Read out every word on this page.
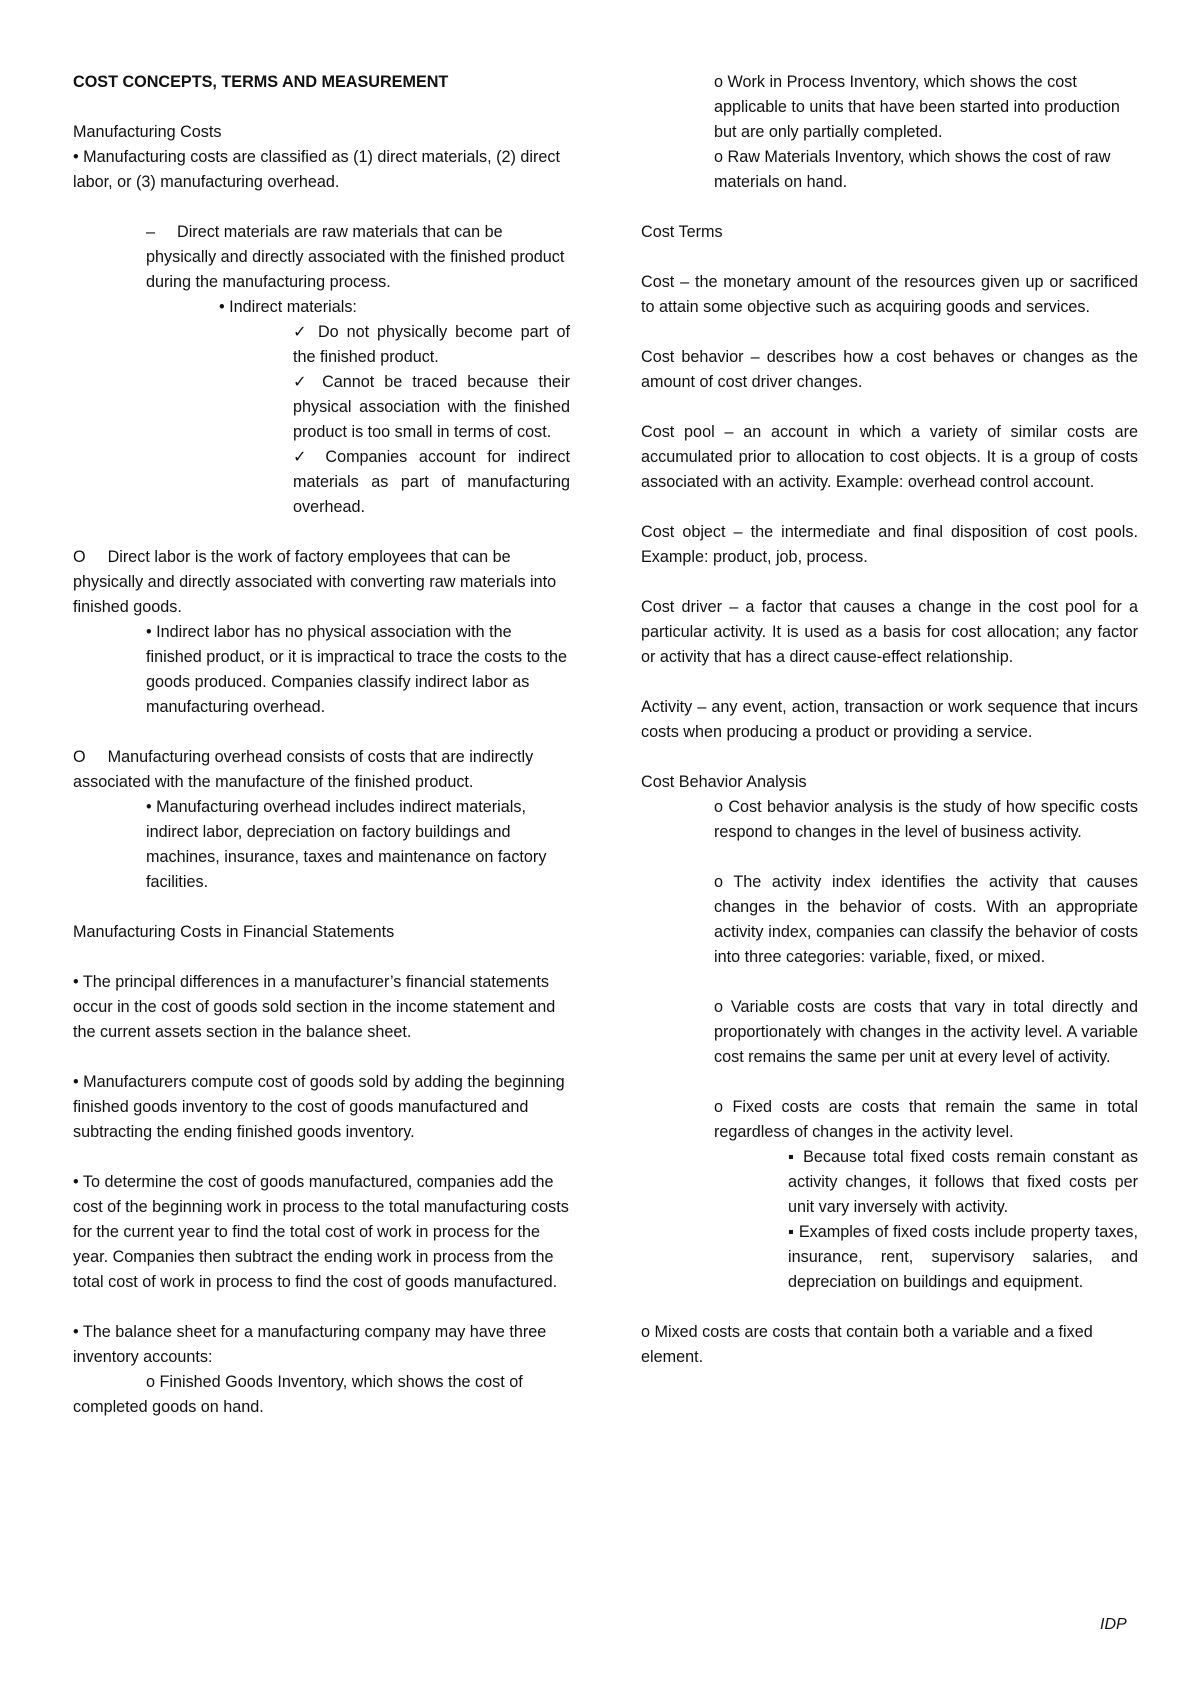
COST CONCEPTS, TERMS AND MEASUREMENT
Manufacturing Costs
• Manufacturing costs are classified as (1) direct materials, (2) direct labor, or (3) manufacturing overhead.
– Direct materials are raw materials that can be physically and directly associated with the finished product during the manufacturing process.
• Indirect materials:
✓ Do not physically become part of the finished product.
✓ Cannot be traced because their physical association with the finished product is too small in terms of cost.
✓ Companies account for indirect materials as part of manufacturing overhead.
O Direct labor is the work of factory employees that can be physically and directly associated with converting raw materials into finished goods.
• Indirect labor has no physical association with the finished product, or it is impractical to trace the costs to the goods produced. Companies classify indirect labor as manufacturing overhead.
O Manufacturing overhead consists of costs that are indirectly associated with the manufacture of the finished product.
• Manufacturing overhead includes indirect materials, indirect labor, depreciation on factory buildings and machines, insurance, taxes and maintenance on factory facilities.
Manufacturing Costs in Financial Statements
• The principal differences in a manufacturer’s financial statements occur in the cost of goods sold section in the income statement and the current assets section in the balance sheet.
• Manufacturers compute cost of goods sold by adding the beginning finished goods inventory to the cost of goods manufactured and subtracting the ending finished goods inventory.
• To determine the cost of goods manufactured, companies add the cost of the beginning work in process to the total manufacturing costs for the current year to find the total cost of work in process for the year. Companies then subtract the ending work in process from the total cost of work in process to find the cost of goods manufactured.
• The balance sheet for a manufacturing company may have three inventory accounts:
o Finished Goods Inventory, which shows the cost of completed goods on hand.
o Work in Process Inventory, which shows the cost applicable to units that have been started into production but are only partially completed.
o Raw Materials Inventory, which shows the cost of raw materials on hand.
Cost Terms
Cost – the monetary amount of the resources given up or sacrificed to attain some objective such as acquiring goods and services.
Cost behavior – describes how a cost behaves or changes as the amount of cost driver changes.
Cost pool – an account in which a variety of similar costs are accumulated prior to allocation to cost objects. It is a group of costs associated with an activity. Example: overhead control account.
Cost object – the intermediate and final disposition of cost pools. Example: product, job, process.
Cost driver – a factor that causes a change in the cost pool for a particular activity. It is used as a basis for cost allocation; any factor or activity that has a direct cause-effect relationship.
Activity – any event, action, transaction or work sequence that incurs costs when producing a product or providing a service.
Cost Behavior Analysis
o Cost behavior analysis is the study of how specific costs respond to changes in the level of business activity.
o The activity index identifies the activity that causes changes in the behavior of costs. With an appropriate activity index, companies can classify the behavior of costs into three categories: variable, fixed, or mixed.
o Variable costs are costs that vary in total directly and proportionately with changes in the activity level. A variable cost remains the same per unit at every level of activity.
o Fixed costs are costs that remain the same in total regardless of changes in the activity level.
▪ Because total fixed costs remain constant as activity changes, it follows that fixed costs per unit vary inversely with activity.
▪ Examples of fixed costs include property taxes, insurance, rent, supervisory salaries, and depreciation on buildings and equipment.
o Mixed costs are costs that contain both a variable and a fixed element.
IDP
